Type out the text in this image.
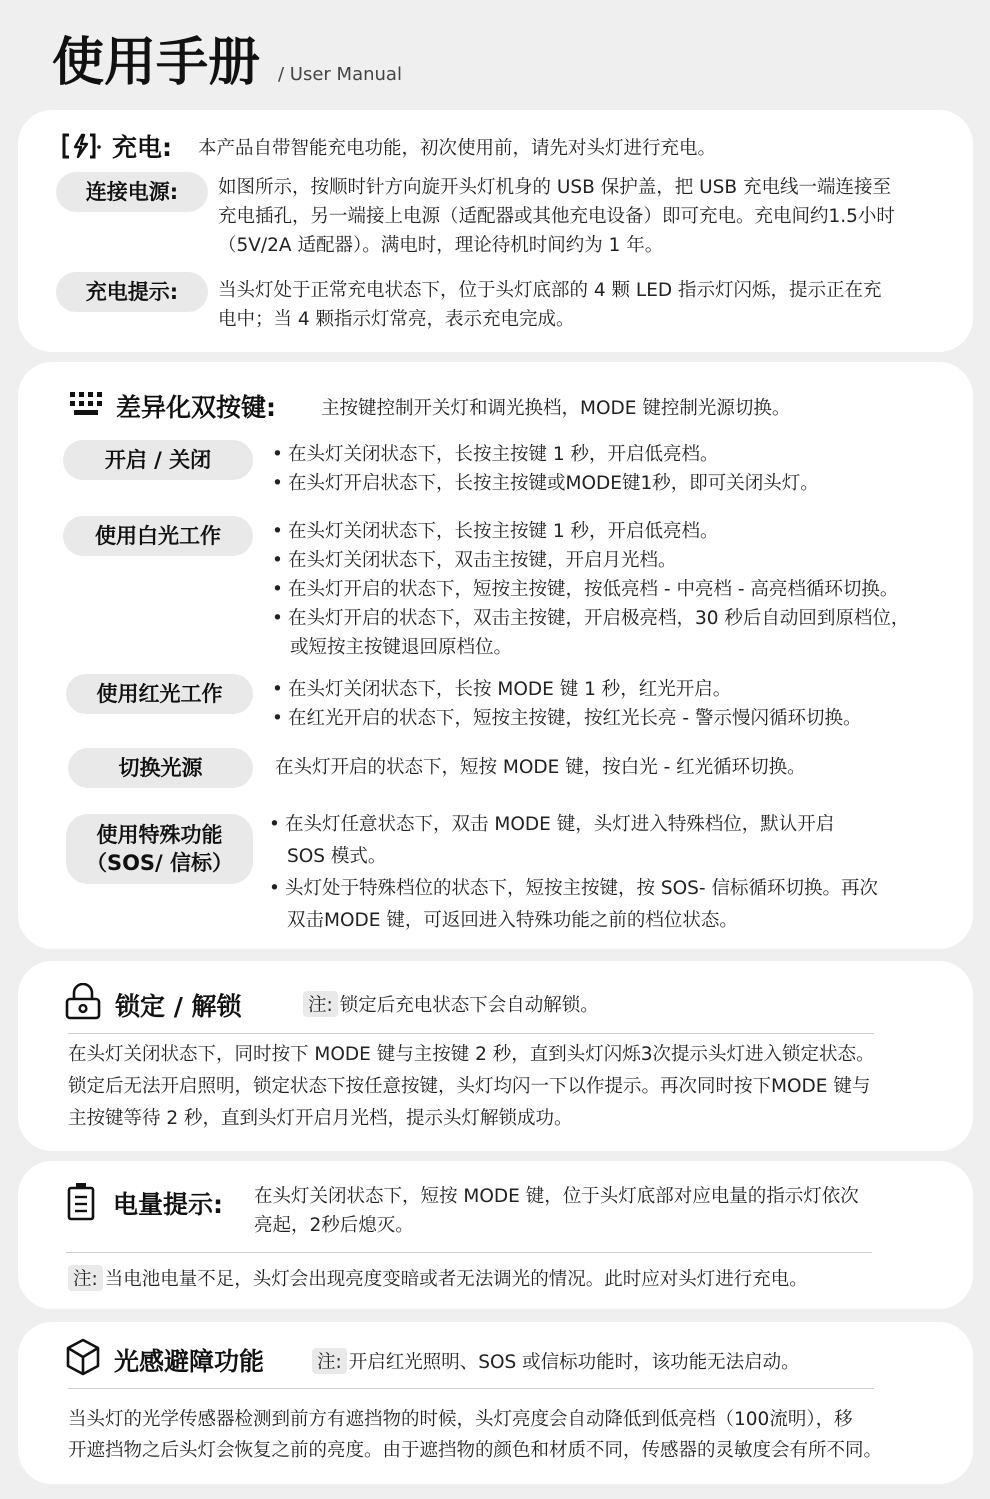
使用手册 / User Manual
充电: 本产品自带智能充电功能，初次使用前，请先对头灯进行充电。
连接电源:	如图所示，按顺时针方向旋开头灯机身的 USB 保护盖，把 USB 充电线一端连接至
充电插孔，另一端接上电源（适配器或其他充电设备）即可充电。充电间约1.5小时
（5V/2A 适配器）。满电时，理论待机时间约为 1 年。
充电提示:	当头灯处于正常充电状态下，位于头灯底部的 4 颗 LED 指示灯闪烁，提示正在充
电中；当 4 颗指示灯常亮，表示充电完成。
差异化双按键: 主按键控制开关灯和调光换档，MODE 键控制光源切换。
开启 / 关闭	• 在头灯关闭状态下，长按主按键 1 秒，开启低亮档。
• 在头灯开启状态下，长按主按键或MODE键1秒，即可关闭头灯。
使用白光工作	• 在头灯关闭状态下，长按主按键 1 秒，开启低亮档。
• 在头灯关闭状态下，双击主按键，开启月光档。
• 在头灯开启的状态下，短按主按键，按低亮档 - 中亮档 - 高亮档循环切换。
• 在头灯开启的状态下，双击主按键，开启极亮档，30 秒后自动回到原档位，
或短按主按键退回原档位。
使用红光工作	• 在头灯关闭状态下，长按 MODE 键 1 秒，红光开启。
• 在红光开启的状态下，短按主按键，按红光长亮 - 警示慢闪循环切换。
切换光源	在头灯开启的状态下，短按 MODE 键，按白光 - 红光循环切换。
使用特殊功能
（SOS/ 信标）
• 在头灯任意状态下，双击 MODE 键，头灯进入特殊档位，默认开启
SOS 模式。
• 头灯处于特殊档位的状态下，短按主按键，按 SOS- 信标循环切换。再次
双击MODE 键，可返回进入特殊功能之前的档位状态。
锁定 / 解锁	注: 锁定后充电状态下会自动解锁。
在头灯关闭状态下，同时按下 MODE 键与主按键 2 秒，直到头灯闪烁3次提示头灯进入锁定状态。
锁定后无法开启照明，锁定状态下按任意按键，头灯均闪一下以作提示。再次同时按下MODE 键与
主按键等待 2 秒，直到头灯开启月光档，提示头灯解锁成功。
电量提示: 在头灯关闭状态下，短按 MODE 键，位于头灯底部对应电量的指示灯依次
亮起，2秒后熄灭。
注: 当电池电量不足，头灯会出现亮度变暗或者无法调光的情况。此时应对头灯进行充电。
光感避障功能	注: 开启红光照明、SOS 或信标功能时，该功能无法启动。
当头灯的光学传感器检测到前方有遮挡物的时候，头灯亮度会自动降低到低亮档（100流明），移
开遮挡物之后头灯会恢复之前的亮度。由于遮挡物的颜色和材质不同，传感器的灵敏度会有所不同。
